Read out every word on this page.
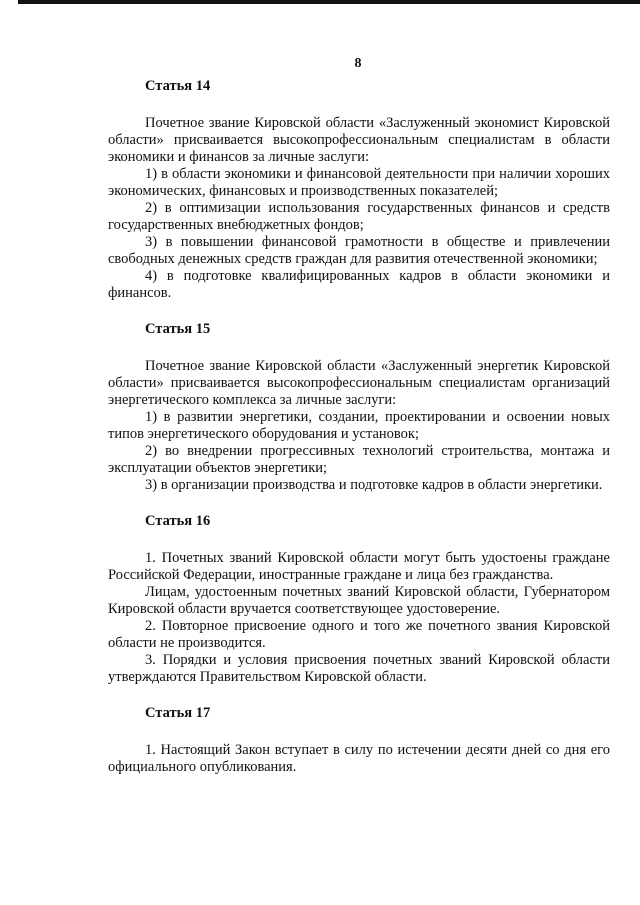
8

Статья 14

Почетное звание Кировской области «Заслуженный экономист Кировской области» присваивается высокопрофессиональным специалистам в области экономики и финансов за личные заслуги:

1) в области экономики и финансовой деятельности при наличии хороших экономических, финансовых и производственных показателей;

2) в оптимизации использования государственных финансов и средств государственных внебюджетных фондов;

3) в повышении финансовой грамотности в обществе и привлечении свободных денежных средств граждан для развития отечественной экономики;

4) в подготовке квалифицированных кадров в области экономики и финансов.

Статья 15

Почетное звание Кировской области «Заслуженный энергетик Кировской области» присваивается высокопрофессиональным специалистам организаций энергетического комплекса за личные заслуги:

1) в развитии энергетики, создании, проектировании и освоении новых типов энергетического оборудования и установок;

2) во внедрении прогрессивных технологий строительства, монтажа и эксплуатации объектов энергетики;

3) в организации производства и подготовке кадров в области энергетики.

Статья 16

1. Почетных званий Кировской области могут быть удостоены граждане Российской Федерации, иностранные граждане и лица без гражданства.

Лицам, удостоенным почетных званий Кировской области, Губернатором Кировской области вручается соответствующее удостоверение.

2. Повторное присвоение одного и того же почетного звания Кировской области не производится.

3. Порядки и условия присвоения почетных званий Кировской области утверждаются Правительством Кировской области.

Статья 17

1. Настоящий Закон вступает в силу по истечении десяти дней со дня его официального опубликования.
